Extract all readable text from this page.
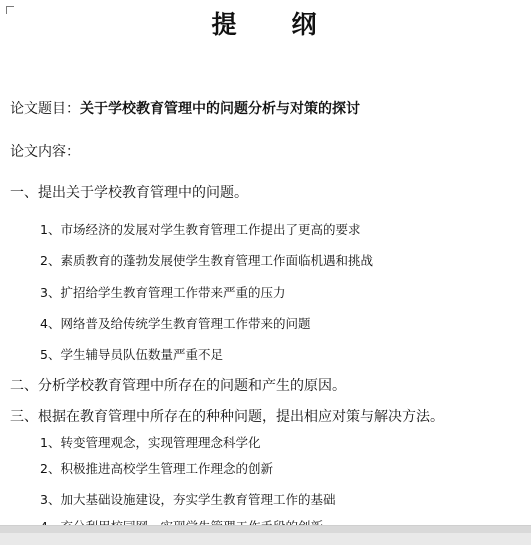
提　纲
论文题目：关于学校教育管理中的问题分析与对策的探讨
论文内容：
一、提出关于学校教育管理中的问题。
1、市场经济的发展对学生教育管理工作提出了更高的要求
2、素质教育的蓬勃发展使学生教育管理工作面临机遇和挑战
3、扩招给学生教育管理工作带来严重的压力
4、网络普及给传统学生教育管理工作带来的问题
5、学生辅导员队伍数量严重不足
二、分析学校教育管理中所存在的问题和产生的原因。
三、根据在教育管理中所存在的种种问题，提出相应对策与解决方法。
1、转变管理观念，实现管理理念科学化
2、积极推进高校学生管理工作理念的创新
3、加大基础设施建设，夯实学生教育管理工作的基础
